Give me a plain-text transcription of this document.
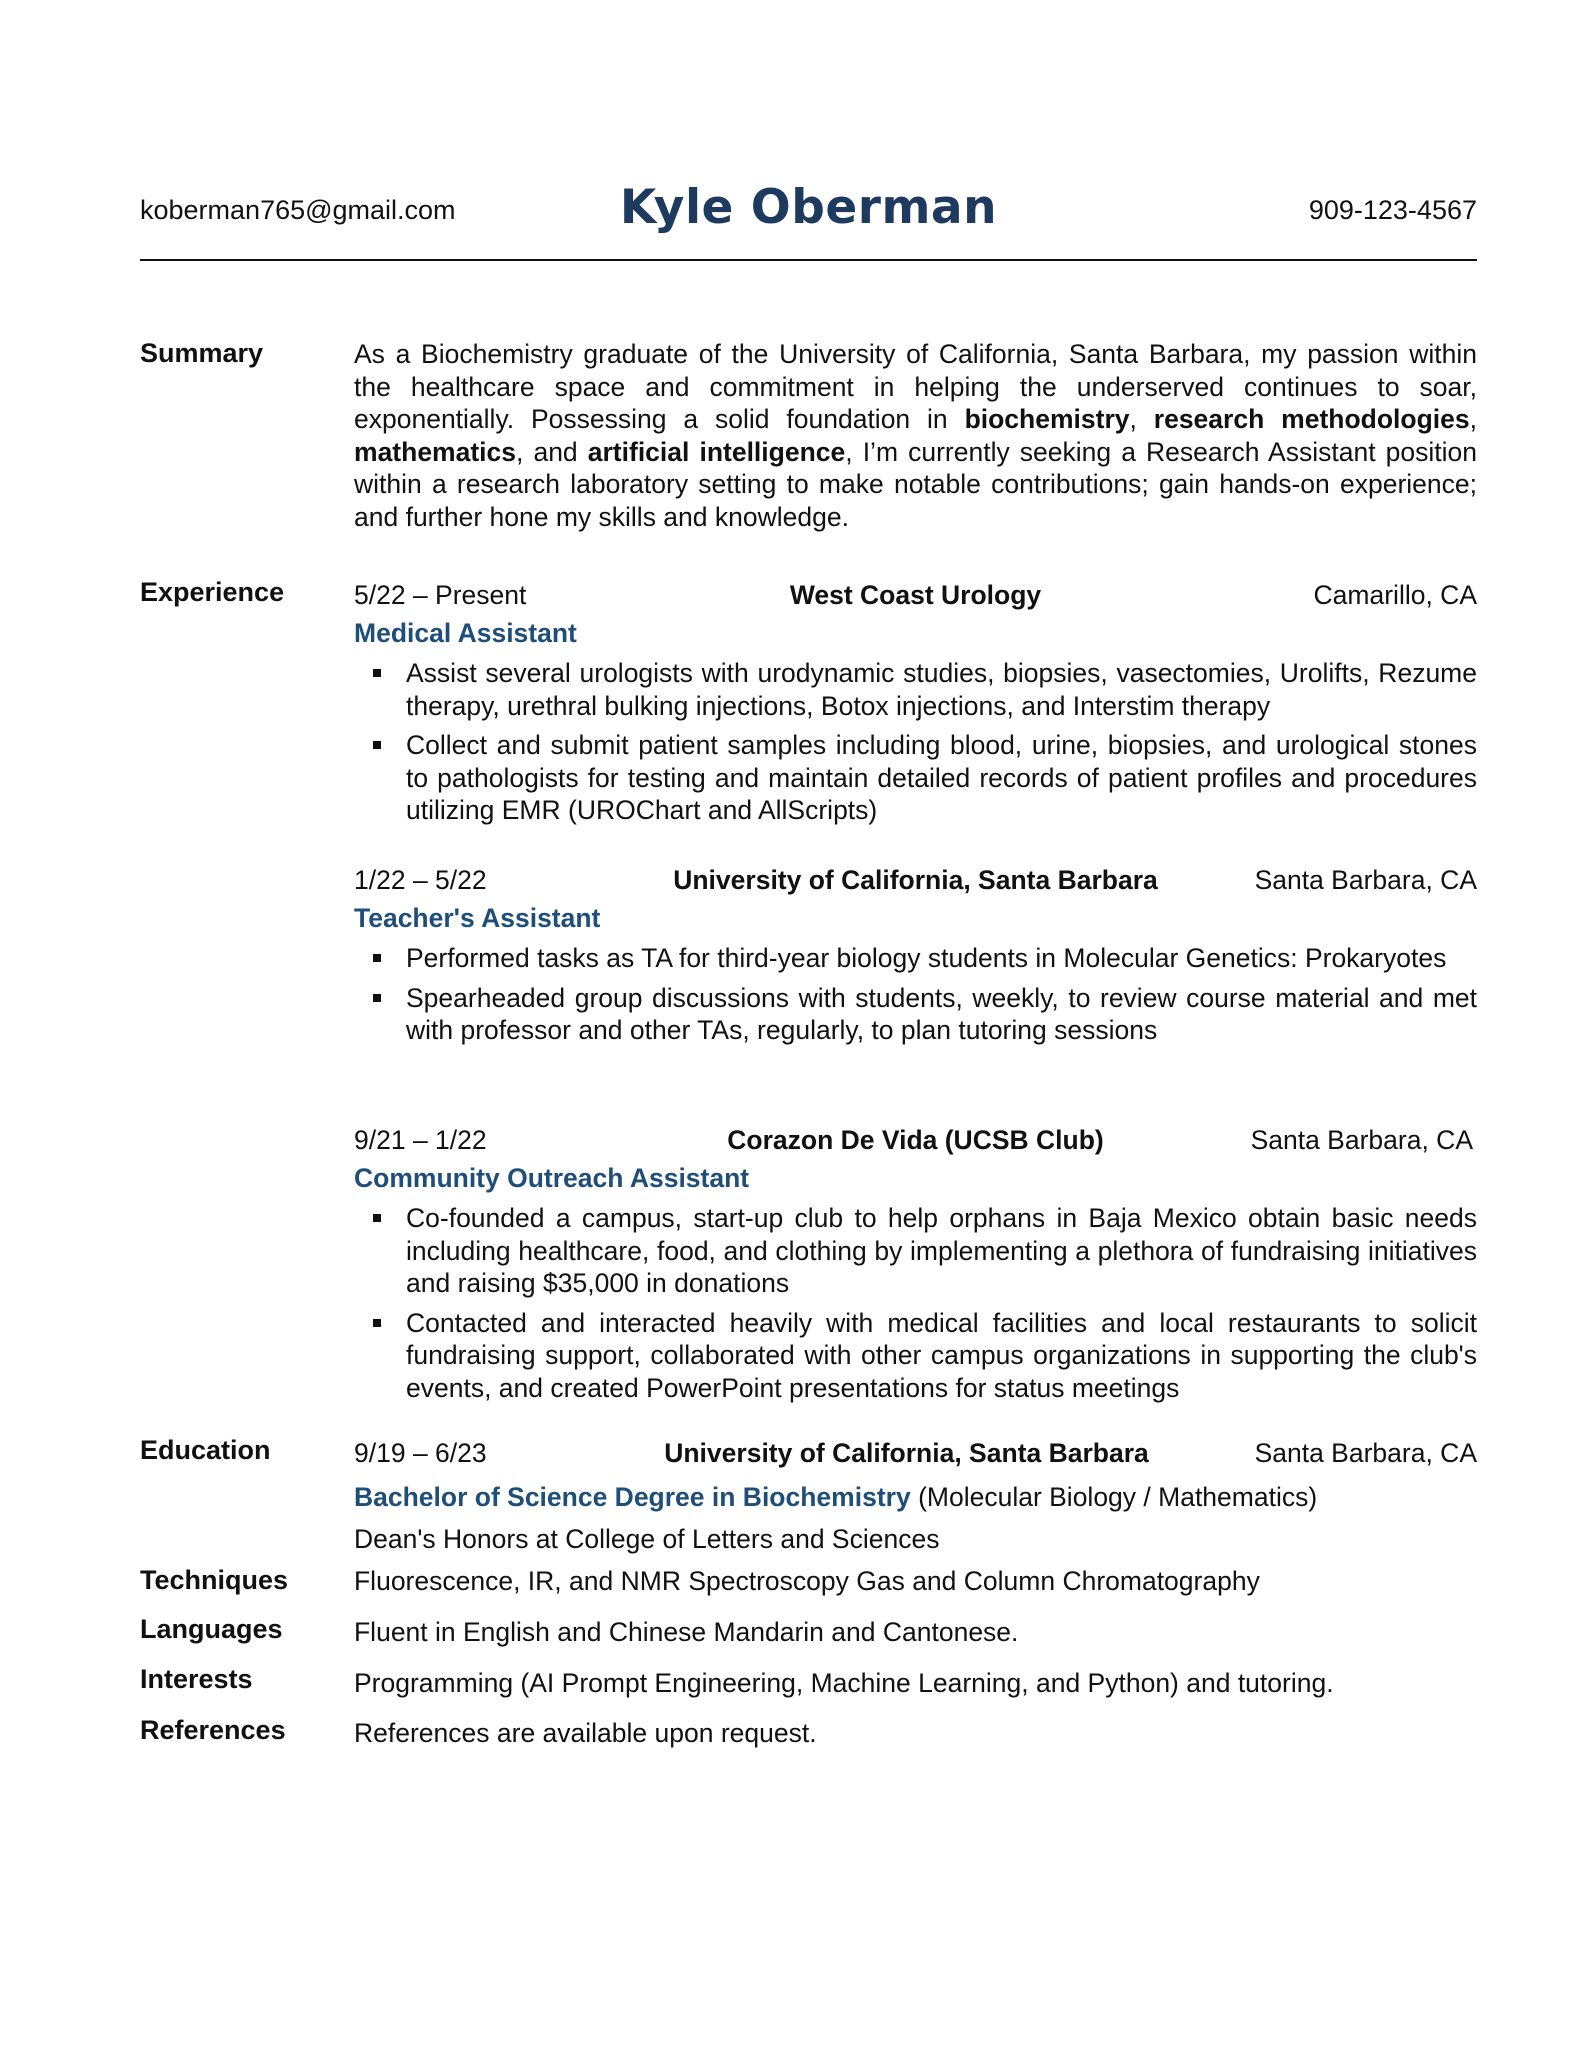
koberman765@gmail.com	Kyle Oberman	909-123-4567
Summary	As a Biochemistry graduate of the University of California, Santa Barbara, my passion within the healthcare space and commitment in helping the underserved continues to soar, exponentially. Possessing a solid foundation in biochemistry, research methodologies, mathematics, and artificial intelligence, I’m currently seeking a Research Assistant position within a research laboratory setting to make notable contributions; gain hands-on experience; and further hone my skills and knowledge.
Experience	5/22 – Present	West Coast Urology	Camarillo, CA
Medical Assistant
Assist several urologists with urodynamic studies, biopsies, vasectomies, Urolifts, Rezume therapy, urethral bulking injections, Botox injections, and Interstim therapy
Collect and submit patient samples including blood, urine, biopsies, and urological stones to pathologists for testing and maintain detailed records of patient profiles and procedures utilizing EMR (UROChart and AllScripts)
1/22 – 5/22	University of California, Santa Barbara	Santa Barbara, CA
Teacher's Assistant
Performed tasks as TA for third-year biology students in Molecular Genetics: Prokaryotes
Spearheaded group discussions with students, weekly, to review course material and met with professor and other TAs, regularly, to plan tutoring sessions
9/21 – 1/22	Corazon De Vida (UCSB Club)	Santa Barbara, CA
Community Outreach Assistant
Co-founded a campus, start-up club to help orphans in Baja Mexico obtain basic needs including healthcare, food, and clothing by implementing a plethora of fundraising initiatives and raising $35,000 in donations
Contacted and interacted heavily with medical facilities and local restaurants to solicit fundraising support, collaborated with other campus organizations in supporting the club's events, and created PowerPoint presentations for status meetings
Education	9/19 – 6/23	University of California, Santa Barbara	Santa Barbara, CA
Bachelor of Science Degree in Biochemistry (Molecular Biology / Mathematics)
Dean's Honors at College of Letters and Sciences
Techniques Fluorescence, IR, and NMR Spectroscopy Gas and Column Chromatography
Languages	Fluent in English and Chinese Mandarin and Cantonese.
Interests	Programming (AI Prompt Engineering, Machine Learning, and Python) and tutoring.
References	References are available upon request.
